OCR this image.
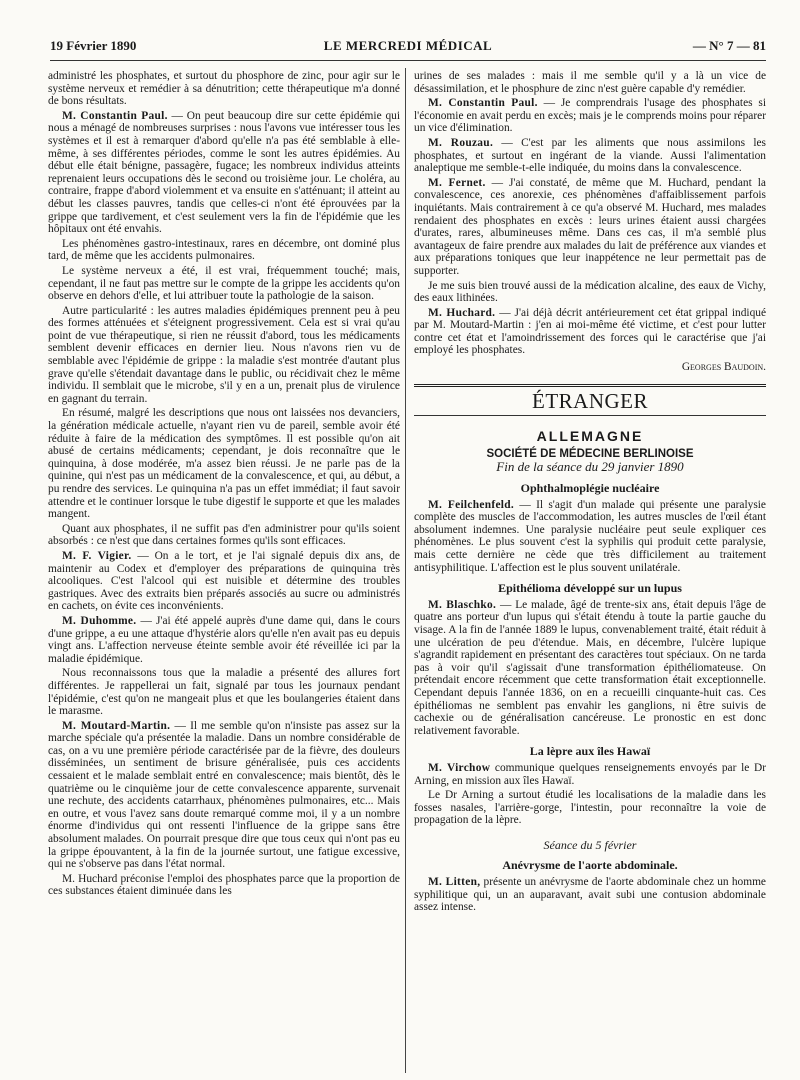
19 Février 1890	LE MERCREDI MÉDICAL	— N° 7 — 81

administré les phosphates, et surtout du phosphore de zinc, pour agir sur le système nerveux et remédier à sa dénutrition; cette thérapeutique m'a donné de bons résultats.

M. Constantin Paul. — On peut beaucoup dire sur cette épidémie qui nous a ménagé de nombreuses surprises : nous l'avons vue intéresser tous les systèmes et il est à remarquer d'abord qu'elle n'a pas été semblable à elle-même, à ses différentes périodes, comme le sont les autres épidémies. Au début elle était bénigne, passagère, fugace; les nombreux individus atteints reprenaient leurs occupations dès le second ou troisième jour. Le choléra, au contraire, frappe d'abord violemment et va ensuite en s'atténuant; il atteint au début les classes pauvres, tandis que celles-ci n'ont été éprouvées par la grippe que tardivement, et c'est seulement vers la fin de l'épidémie que les hôpitaux ont été envahis.

Les phénomènes gastro-intestinaux, rares en décembre, ont dominé plus tard, de même que les accidents pulmonaires.

Le système nerveux a été, il est vrai, fréquemment touché; mais, cependant, il ne faut pas mettre sur le compte de la grippe les accidents qu'on observe en dehors d'elle, et lui attribuer toute la pathologie de la saison.

Autre particularité : les autres maladies épidémiques prennent peu à peu des formes atténuées et s'éteignent progressivement. Cela est si vrai qu'au point de vue thérapeutique, si rien ne réussit d'abord, tous les médicaments semblent devenir efficaces en dernier lieu. Nous n'avons rien vu de semblable avec l'épidémie de grippe : la maladie s'est montrée d'autant plus grave qu'elle s'étendait davantage dans le public, ou récidivait chez le même individu. Il semblait que le microbe, s'il y en a un, prenait plus de virulence en gagnant du terrain.

En résumé, malgré les descriptions que nous ont laissées nos devanciers, la génération médicale actuelle, n'ayant rien vu de pareil, semble avoir été réduite à faire de la médication des symptômes. Il est possible qu'on ait abusé de certains médicaments; cependant, je dois reconnaître que le quinquina, à dose modérée, m'a assez bien réussi. Je ne parle pas de la quinine, qui n'est pas un médicament de la convalescence, et qui, au début, a pu rendre des services. Le quinquina n'a pas un effet immédiat; il faut savoir attendre et le continuer lorsque le tube digestif le supporte et que les malades mangent.

Quant aux phosphates, il ne suffit pas d'en administrer pour qu'ils soient absorbés : ce n'est que dans certaines formes qu'ils sont efficaces.

M. F. Vigier. — On a le tort, et je l'ai signalé depuis dix ans, de maintenir au Codex et d'employer des préparations de quinquina très alcooliques. C'est l'alcool qui est nuisible et détermine des troubles gastriques. Avec des extraits bien préparés associés au sucre ou administrés en cachets, on évite ces inconvénients.

M. Duhomme. — J'ai été appelé auprès d'une dame qui, dans le cours d'une grippe, a eu une attaque d'hystérie alors qu'elle n'en avait pas eu depuis vingt ans. L'affection nerveuse éteinte semble avoir été réveillée ici par la maladie épidémique.

Nous reconnaissons tous que la maladie a présenté des allures fort différentes. Je rappellerai un fait, signalé par tous les journaux pendant l'épidémie, c'est qu'on ne mangeait plus et que les boulangeries étaient dans le marasme.

M. Moutard-Martin. — Il me semble qu'on n'insiste pas assez sur la marche spéciale qu'a présentée la maladie. Dans un nombre considérable de cas, on a vu une première période caractérisée par de la fièvre, des douleurs disséminées, un sentiment de brisure généralisée, puis ces accidents cessaient et le malade semblait entré en convalescence; mais bientôt, dès le quatrième ou le cinquième jour de cette convalescence apparente, survenait une rechute, des accidents catarrhaux, phénomènes pulmonaires, etc... Mais en outre, et vous l'avez sans doute remarqué comme moi, il y a un nombre énorme d'individus qui ont ressenti l'influence de la grippe sans être absolument malades. On pourrait presque dire que tous ceux qui n'ont pas eu la grippe épouvantent, à la fin de la journée surtout, une fatigue excessive, qui ne s'observe pas dans l'état normal.

M. Huchard préconise l'emploi des phosphates parce que la proportion de ces substances étaient diminuée dans les

urines de ses malades : mais il me semble qu'il y a là un vice de désassimilation, et le phosphure de zinc n'est guère capable d'y remédier.

M. Constantin Paul. — Je comprendrais l'usage des phosphates si l'économie en avait perdu en excès; mais je le comprends moins pour réparer un vice d'élimination.

M. Rouzau. — C'est par les aliments que nous assimilons les phosphates, et surtout en ingérant de la viande. Aussi l'alimentation analeptique me semble-t-elle indiquée, du moins dans la convalescence.

M. Fernet. — J'ai constaté, de même que M. Huchard, pendant la convalescence, ces anorexie, ces phénomènes d'affaiblissement parfois inquiétants. Mais contrairement à ce qu'a observé M. Huchard, mes malades rendaient des phosphates en excès : leurs urines étaient aussi chargées d'urates, rares, albumineuses même. Dans ces cas, il m'a semblé plus avantageux de faire prendre aux malades du lait de préférence aux viandes et aux préparations toniques que leur inappétence ne leur permettait pas de supporter.

Je me suis bien trouvé aussi de la médication alcaline, des eaux de Vichy, des eaux lithinées.

M. Huchard. — J'ai déjà décrit antérieurement cet état grippal indiqué par M. Moutard-Martin : j'en ai moi-même été victime, et c'est pour lutter contre cet état et l'amoindrissement des forces qui le caractérise que j'ai employé les phosphates.

Georges Baudoin.

ÉTRANGER
ALLEMAGNE
SOCIÉTÉ DE MÉDECINE BERLINOISE
Fin de la séance du 29 janvier 1890
Ophthalmoplégie nucléaire

M. Feilchenfeld. — Il s'agit d'un malade qui présente une paralysie complète des muscles de l'accommodation, les autres muscles de l'œil étant absolument indemnes. Une paralysie nucléaire peut seule expliquer ces phénomènes. Le plus souvent c'est la syphilis qui produit cette paralysie, mais cette dernière ne cède que très difficilement au traitement antisyphilitique. L'affection est le plus souvent unilatérale.

Epithélioma développé sur un lupus

M. Blaschko. — Le malade, âgé de trente-six ans, était depuis l'âge de quatre ans porteur d'un lupus qui s'était étendu à toute la partie gauche du visage. A la fin de l'année 1889 le lupus, convenablement traité, était réduit à une ulcération de peu d'étendue. Mais, en décembre, l'ulcère lupique s'agrandit rapidement en présentant des caractères tout spéciaux. On ne tarda pas à voir qu'il s'agissait d'une transformation épithéliomateuse. On prétendait encore récemment que cette transformation était exceptionnelle. Cependant depuis l'année 1836, on en a recueilli cinquante-huit cas. Ces épithéliomas ne semblent pas envahir les ganglions, ni être suivis de cachexie ou de généralisation cancéreuse. Le pronostic en est donc relativement favorable.

La lèpre aux îles Hawaï

M. Virchow communique quelques renseignements envoyés par le Dr Arning, en mission aux îles Hawaï.

Le Dr Arning a surtout étudié les localisations de la maladie dans les fosses nasales, l'arrière-gorge, l'intestin, pour reconnaître la voie de propagation de la lèpre.

Séance du 5 février
Anévrysme de l'aorte abdominale.

M. Litten, présente un anévrysme de l'aorte abdominale chez un homme syphilitique qui, un an auparavant, avait subi une contusion abdominale assez intense.
